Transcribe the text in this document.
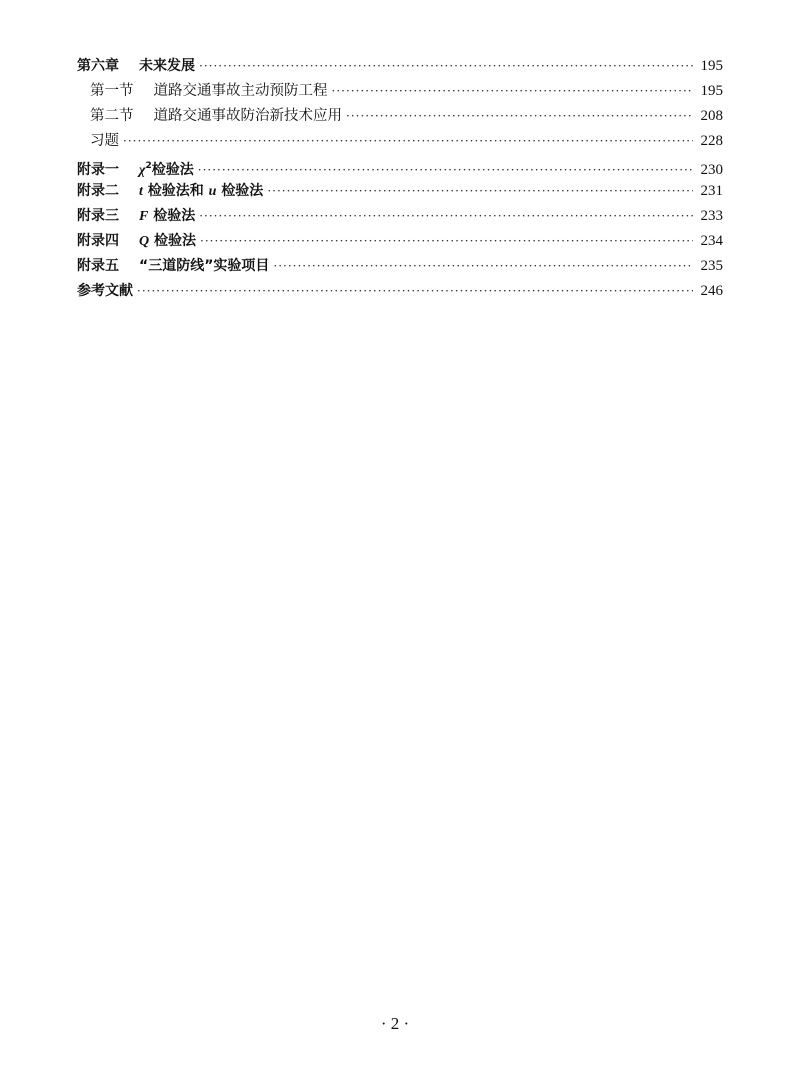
第六章	未来发展 ·····	195
第一节	道路交通事故主动预防工程 ·····	195
第二节	道路交通事故防治新技术应用 ·····	208
习题 ·····	228
附录一	$\chi^2$检验法 ·····	230
附录二	t 检验法和 u 检验法 ·····	231
附录三	F 检验法 ·····	233
附录四	Q 检验法 ·····	234
附录五	“三道防线”实验项目 ·····	235
参考文献 ·····	246
· 2 ·
